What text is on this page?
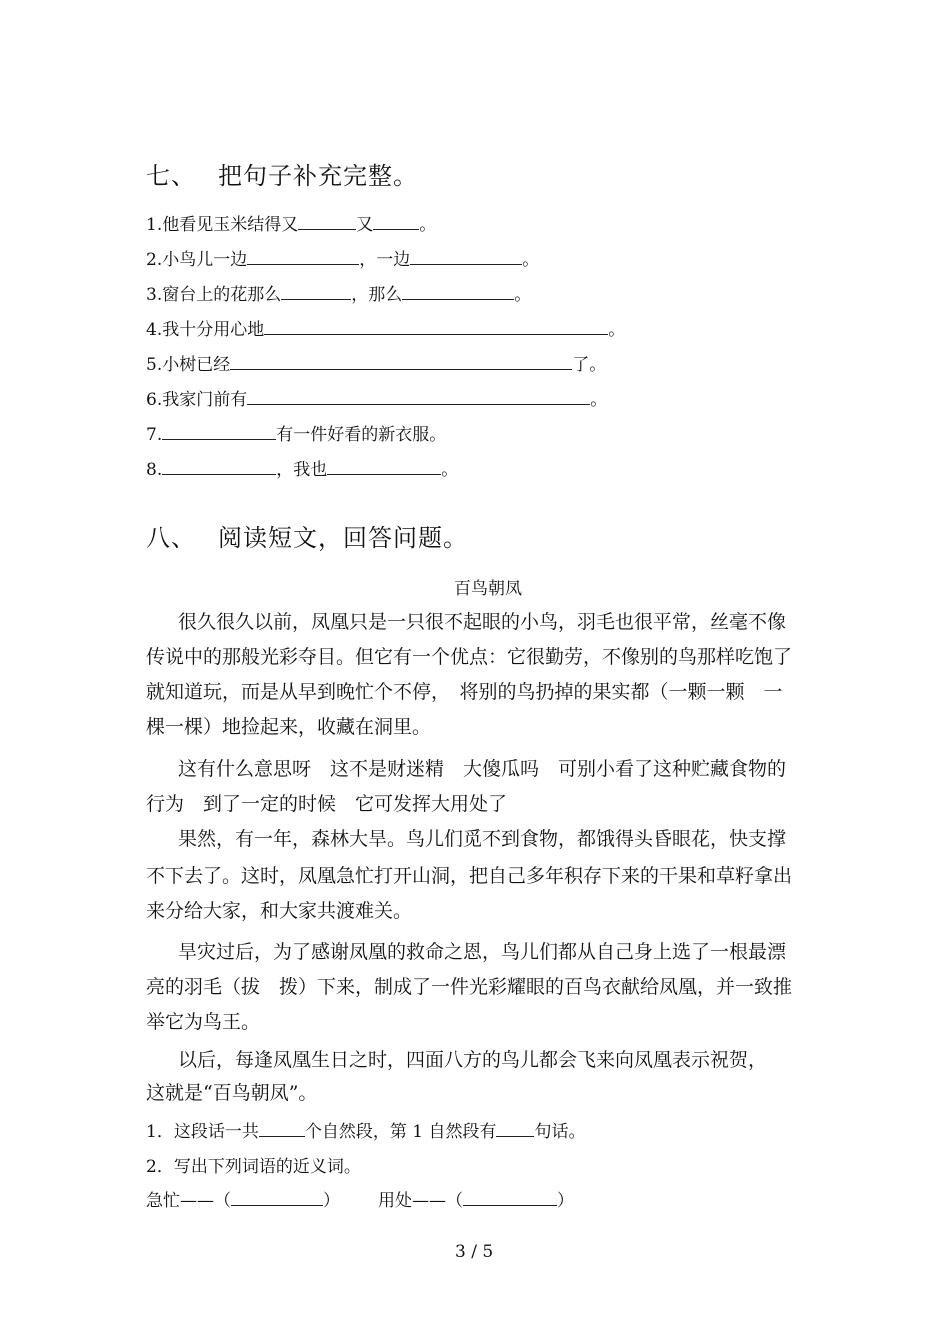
七、 把句子补充完整。
1.他看见玉米结得又	又	。
2.小鸟儿一边	，一边	。
3.窗台上的花那么	，那么	。
4.我十分用心地	。
5.小树已经	了。
6.我家门前有	。
7.	有一件好看的新衣服。
8.	，我也	。
八、 阅读短文，回答问题。
百鸟朝凤
很久很久以前，凤凰只是一只很不起眼的小鸟，羽毛也很平常，丝毫不像
传说中的那般光彩夺目。但它有一个优点：它很勤劳，不像别的鸟那样吃饱了
就知道玩，而是从早到晚忙个不停，　将别的鸟扔掉的果实都（一颗一颗　一
棵一棵）地捡起来，收藏在洞里。
这有什么意思呀　这不是财迷精　大傻瓜吗　可别小看了这种贮藏食物的
行为　到了一定的时候　它可发挥大用处了
果然，有一年，森林大旱。鸟儿们觅不到食物，都饿得头昏眼花，快支撑
不下去了。这时，凤凰急忙打开山洞，把自己多年积存下来的干果和草籽拿出
来分给大家，和大家共渡难关。
旱灾过后，为了感谢凤凰的救命之恩，鸟儿们都从自己身上选了一根最漂
亮的羽毛（拔　拨）下来，制成了一件光彩耀眼的百鸟衣献给凤凰，并一致推
举它为鸟王。
以后，每逢凤凰生日之时，四面八方的鸟儿都会飞来向凤凰表示祝贺，
这就是“百鸟朝凤”。
1．这段话一共	个自然段，第 1 自然段有 句话。
2．写出下列词语的近义词。
急忙——（	） 用处——（	）
3 / 5
